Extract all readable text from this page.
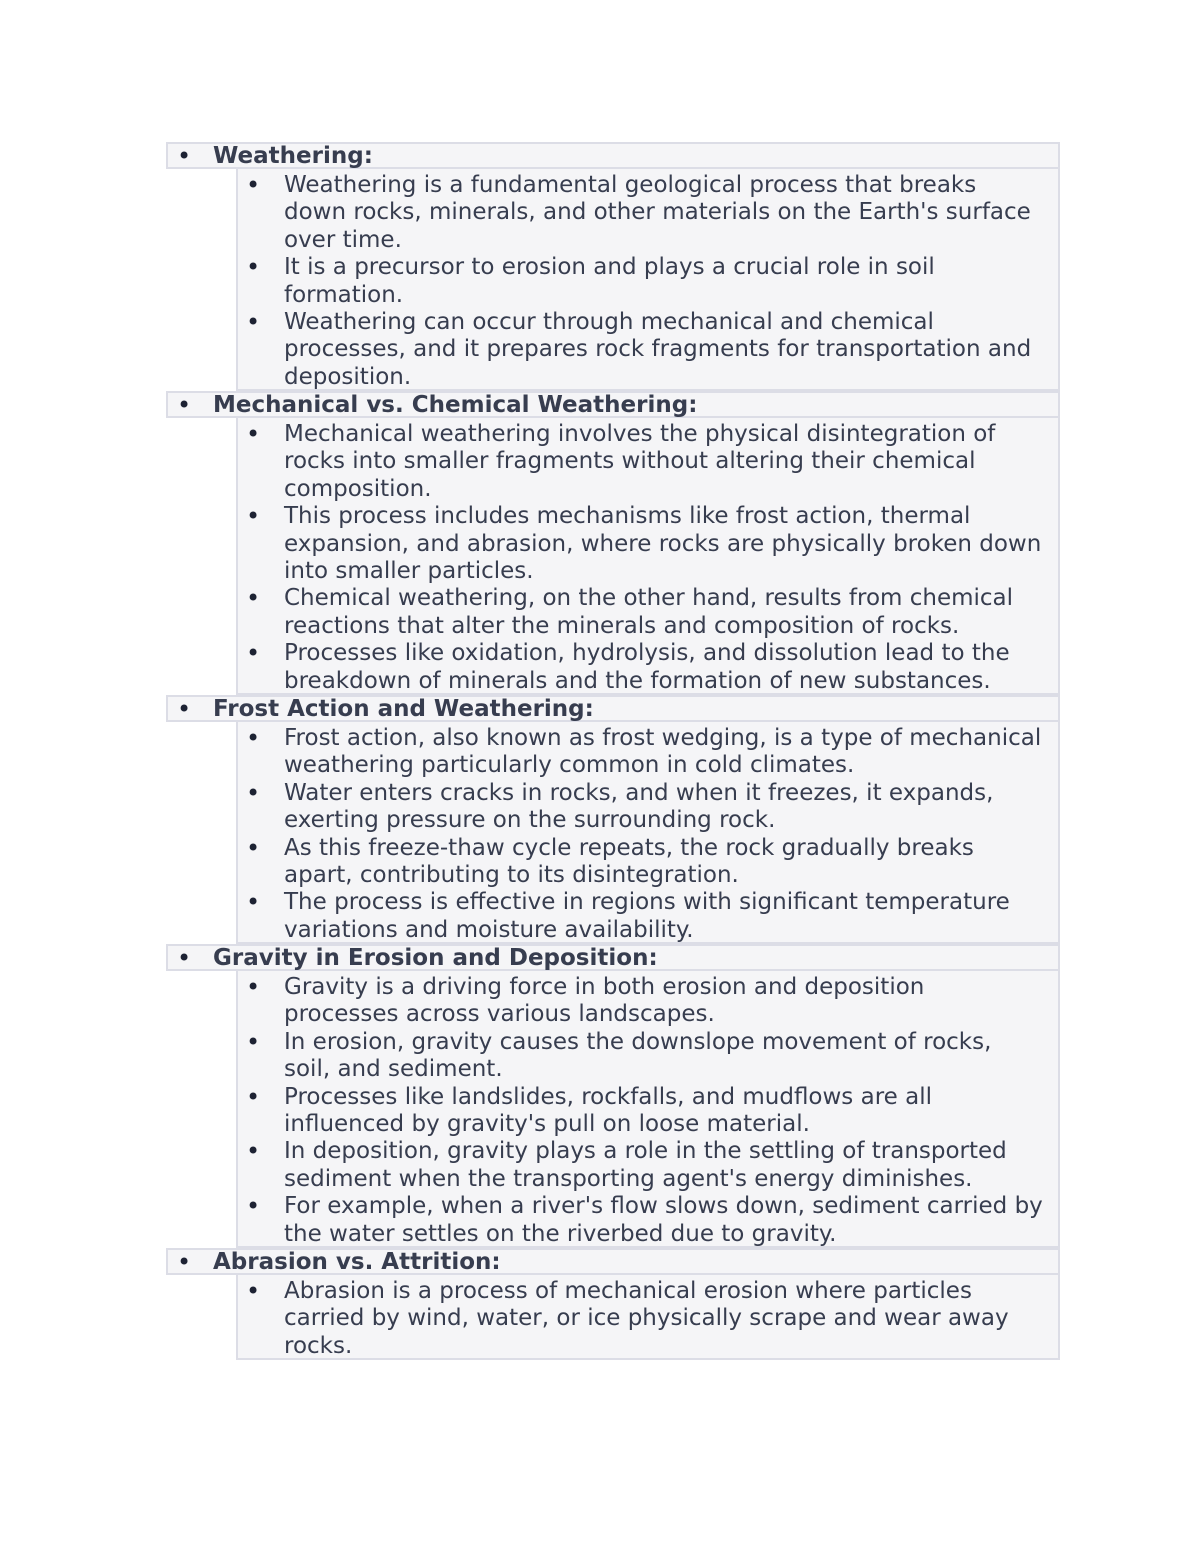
• Weathering:
• Weathering is a fundamental geological process that breaks
down rocks, minerals, and other materials on the Earth's surface
over time.
• It is a precursor to erosion and plays a crucial role in soil
formation.
• Weathering can occur through mechanical and chemical
processes, and it prepares rock fragments for transportation and
deposition.
• Mechanical vs. Chemical Weathering:
• Mechanical weathering involves the physical disintegration of
rocks into smaller fragments without altering their chemical
composition.
• This process includes mechanisms like frost action, thermal
expansion, and abrasion, where rocks are physically broken down
into smaller particles.
• Chemical weathering, on the other hand, results from chemical
reactions that alter the minerals and composition of rocks.
• Processes like oxidation, hydrolysis, and dissolution lead to the
breakdown of minerals and the formation of new substances.
• Frost Action and Weathering:
• Frost action, also known as frost wedging, is a type of mechanical
weathering particularly common in cold climates.
• Water enters cracks in rocks, and when it freezes, it expands,
exerting pressure on the surrounding rock.
• As this freeze-thaw cycle repeats, the rock gradually breaks
apart, contributing to its disintegration.
• The process is effective in regions with significant temperature
variations and moisture availability.
• Gravity in Erosion and Deposition:
• Gravity is a driving force in both erosion and deposition
processes across various landscapes.
• In erosion, gravity causes the downslope movement of rocks,
soil, and sediment.
• Processes like landslides, rockfalls, and mudflows are all
influenced by gravity's pull on loose material.
• In deposition, gravity plays a role in the settling of transported
sediment when the transporting agent's energy diminishes.
• For example, when a river's flow slows down, sediment carried by
the water settles on the riverbed due to gravity.
• Abrasion vs. Attrition:
• Abrasion is a process of mechanical erosion where particles
carried by wind, water, or ice physically scrape and wear away
rocks.
